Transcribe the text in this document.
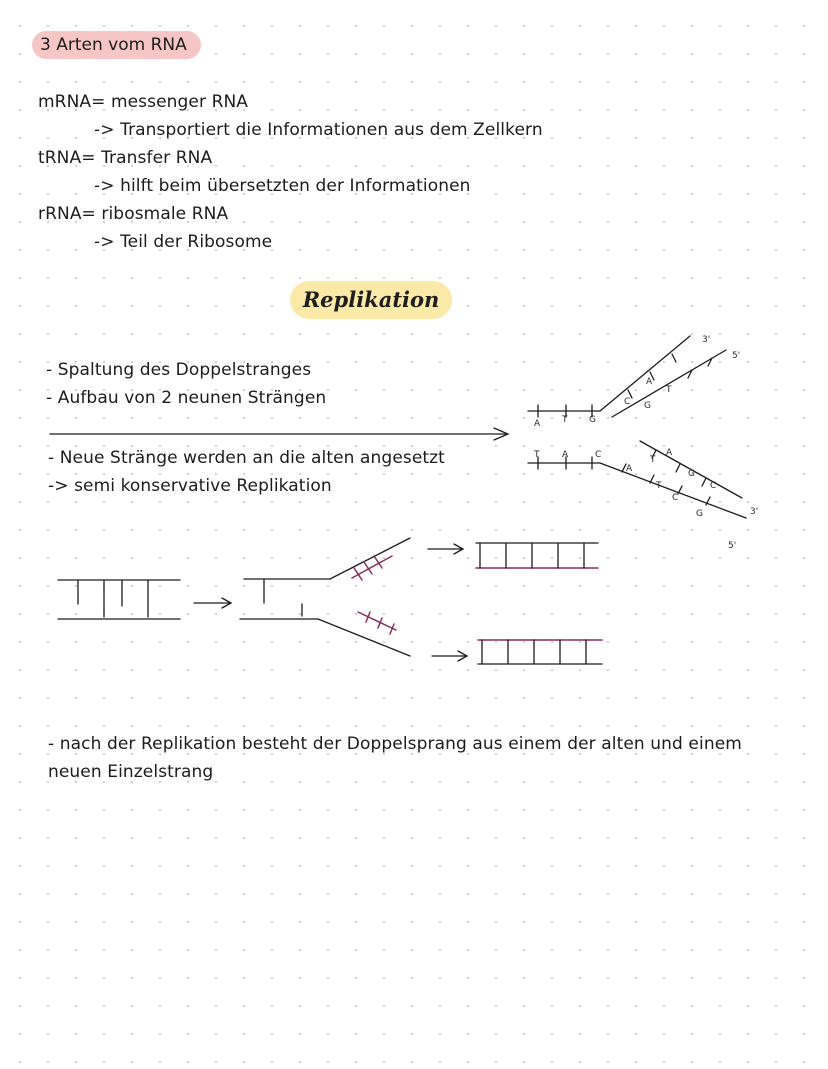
3 Arten vom RNA
mRNA= messenger RNA
-> Transportiert die Informationen aus dem Zellkern
tRNA= Transfer RNA
-> hilft beim übersetzten der Informationen
rRNA= ribosmale RNA
-> Teil der Ribosome
Replikation
- Spaltung des Doppelstranges
- Aufbau von 2 neunen Strängen
- Neue Stränge werden an die alten angesetzt
-> semi konservative Replikation
- nach der Replikation besteht der Doppelsprang aus einem der alten und einem
neuen Einzelstrang
A T G
T	A	C
C
A
G
T
A
T
A
G
T
C
C
G
3'
5'
3'
5'
